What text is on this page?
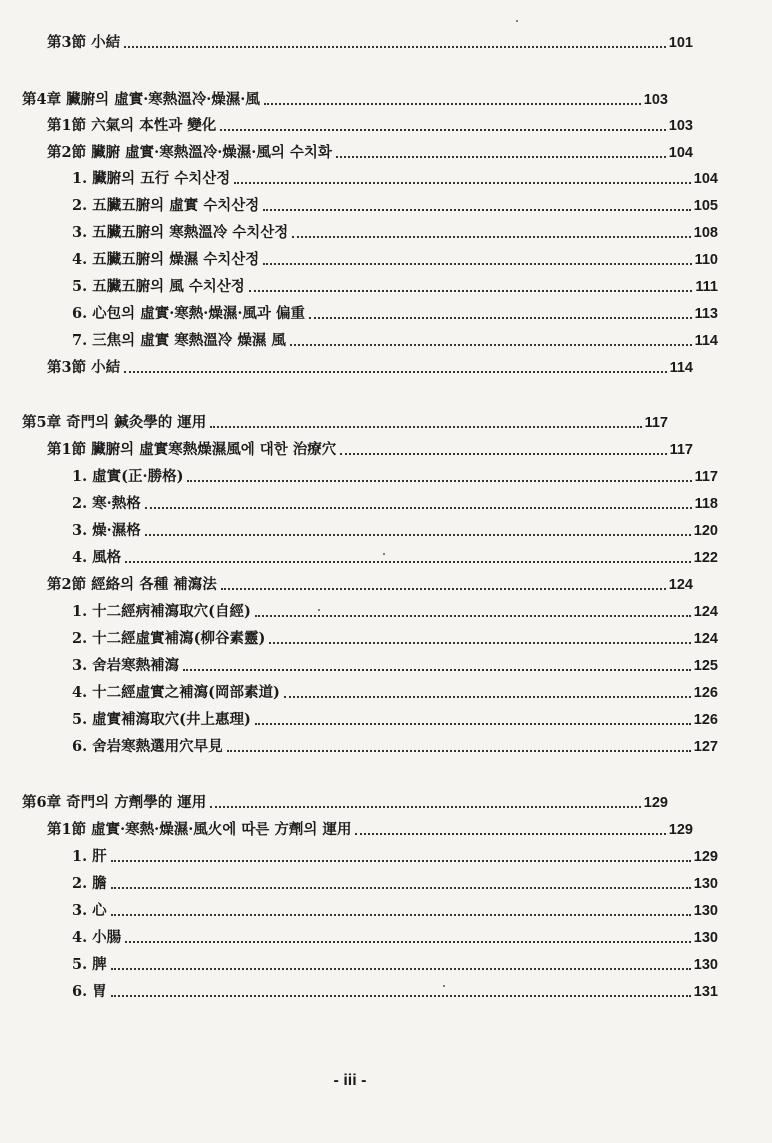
第3節 小結	101
第4章 臟腑의 虛實·寒熱溫冷·燥濕·風	103
第1節 六氣의 本性과 變化	103
第2節 臟腑 虛實·寒熱溫冷·燥濕·風의 수치화	104
1. 臟腑의 五行 수치산정	104
2. 五臟五腑의 虛實 수치산정	105
3. 五臟五腑의 寒熱溫冷 수치산정	108
4. 五臟五腑의 燥濕 수치산정	110
5. 五臟五腑의 風 수치산정	111
6. 心包의 虛實·寒熱·燥濕·風과 偏重	113
7. 三焦의 虛實 寒熱溫冷 燥濕 風	114
第3節 小結	114
第5章 奇門의 鍼灸學的 運用	117
第1節 臟腑의 虛實寒熱燥濕風에 대한 治療穴	117
1. 虛實(正·勝格)	117
2. 寒·熱格	118
3. 燥·濕格	120
4. 風格	122
第2節 經絡의 各種 補瀉法	124
1. 十二經病補瀉取穴(自經)	124
2. 十二經虛實補瀉(柳谷素靈)	124
3. 舍岩寒熱補瀉	125
4. 十二經虛實之補瀉(岡部素道)	126
5. 虛實補瀉取穴(井上惠理)	126
6. 舍岩寒熱選用穴早見	127
第6章 奇門의 方劑學的 運用	129
第1節 虛實·寒熱·燥濕·風火에 따른 方劑의 運用	129
1. 肝	129
2. 膽	130
3. 心	130
4. 小腸	130
5. 脾	130
6. 胃	131
- iii -
